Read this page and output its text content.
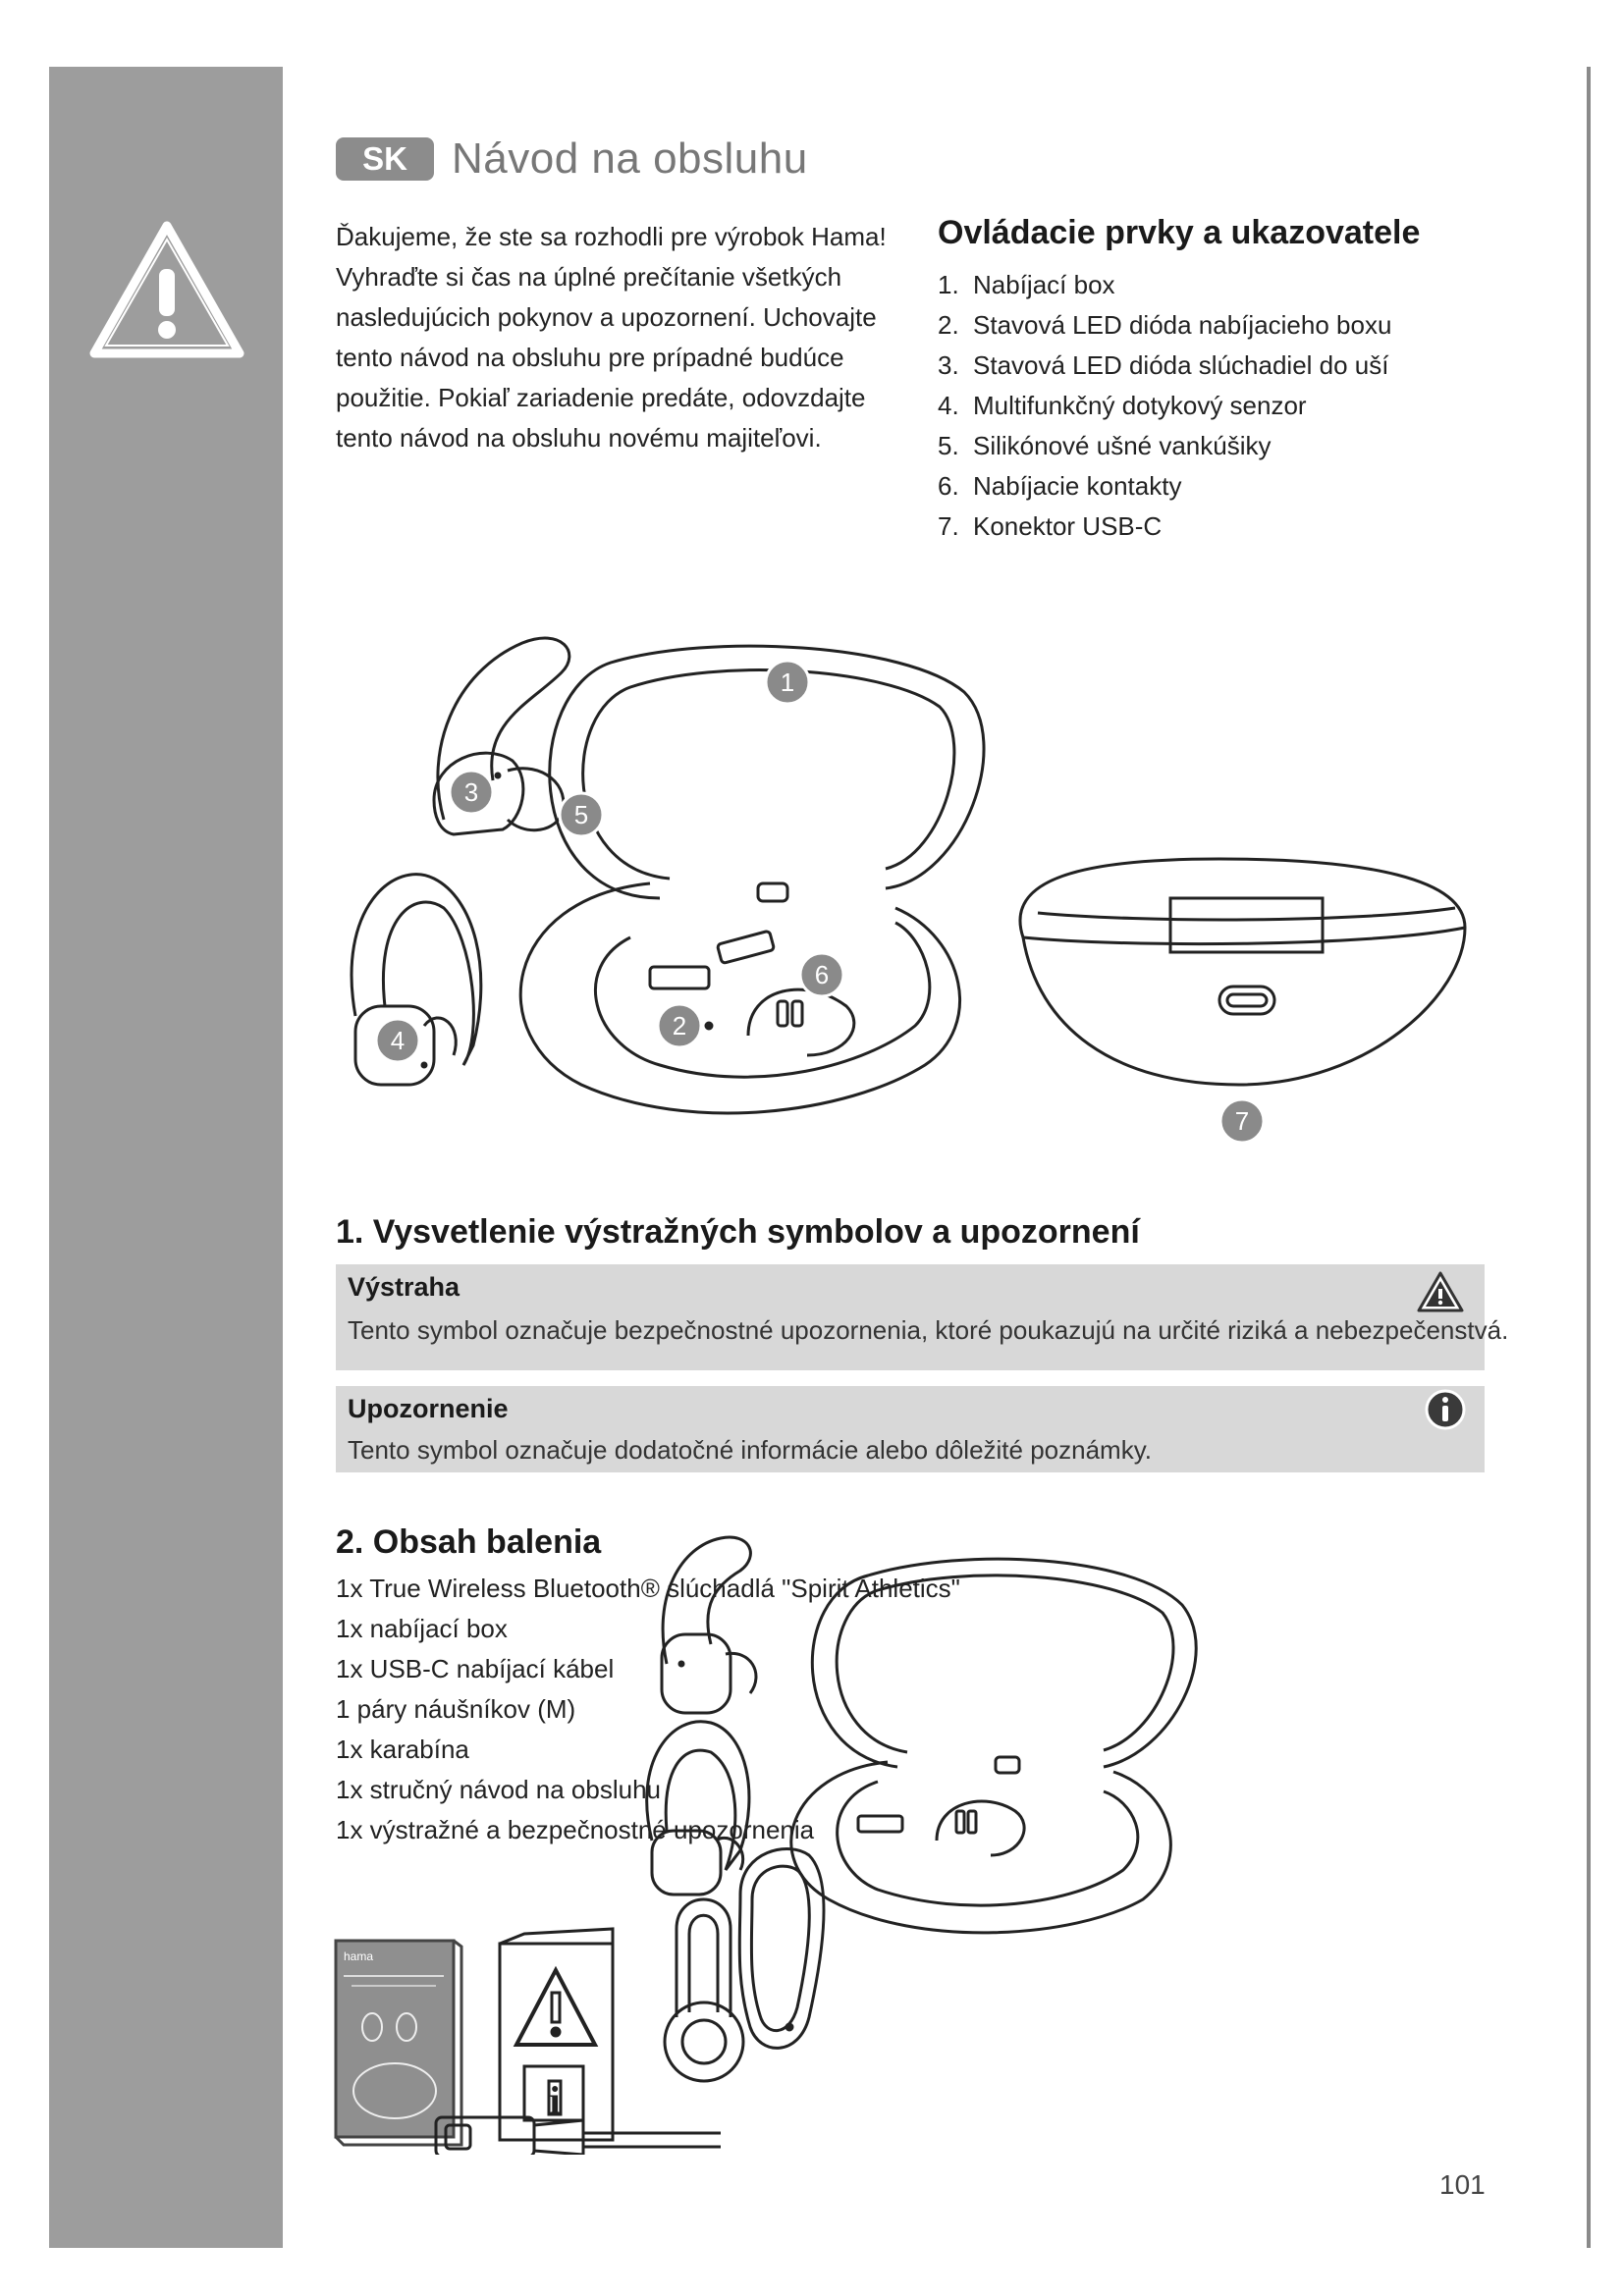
SK	Návod na obsluhu

Ďakujeme, že ste sa rozhodli pre výrobok Hama! Vyhraďte si čas na úplné prečítanie všetkých nasledujúcich pokynov a upozornení. Uchovajte tento návod na obsluhu pre prípadné budúce použitie. Pokiaľ zariadenie predáte, odovzdajte tento návod na obsluhu novému majiteľovi.

Ovládacie prvky a ukazovatele
1. Nabíjací box
2. Stavová LED dióda nabíjacieho boxu
3. Stavová LED dióda slúchadiel do uší
4. Multifunkčný dotykový senzor
5. Silikónové ušné vankúšiky
6. Nabíjacie kontakty
7. Konektor USB-C
1
3
5
6
2
4
7
1. Vysvetlenie výstražných symbolov a upozornení
Výstraha
Tento symbol označuje bezpečnostné upozornenia, ktoré poukazujú na určité riziká a nebezpečenstvá.
Upozornenie
Tento symbol označuje dodatočné informácie alebo dôležité poznámky.
2. Obsah balenia
1x True Wireless Bluetooth® slúchadlá "Spirit Athletics"
1x nabíjací box
1x USB-C nabíjací kábel
1 páry náušníkov (M)
1x karabína
1x stručný návod na obsluhu
1x výstražné a bezpečnostné upozornenia
hama
i
101
